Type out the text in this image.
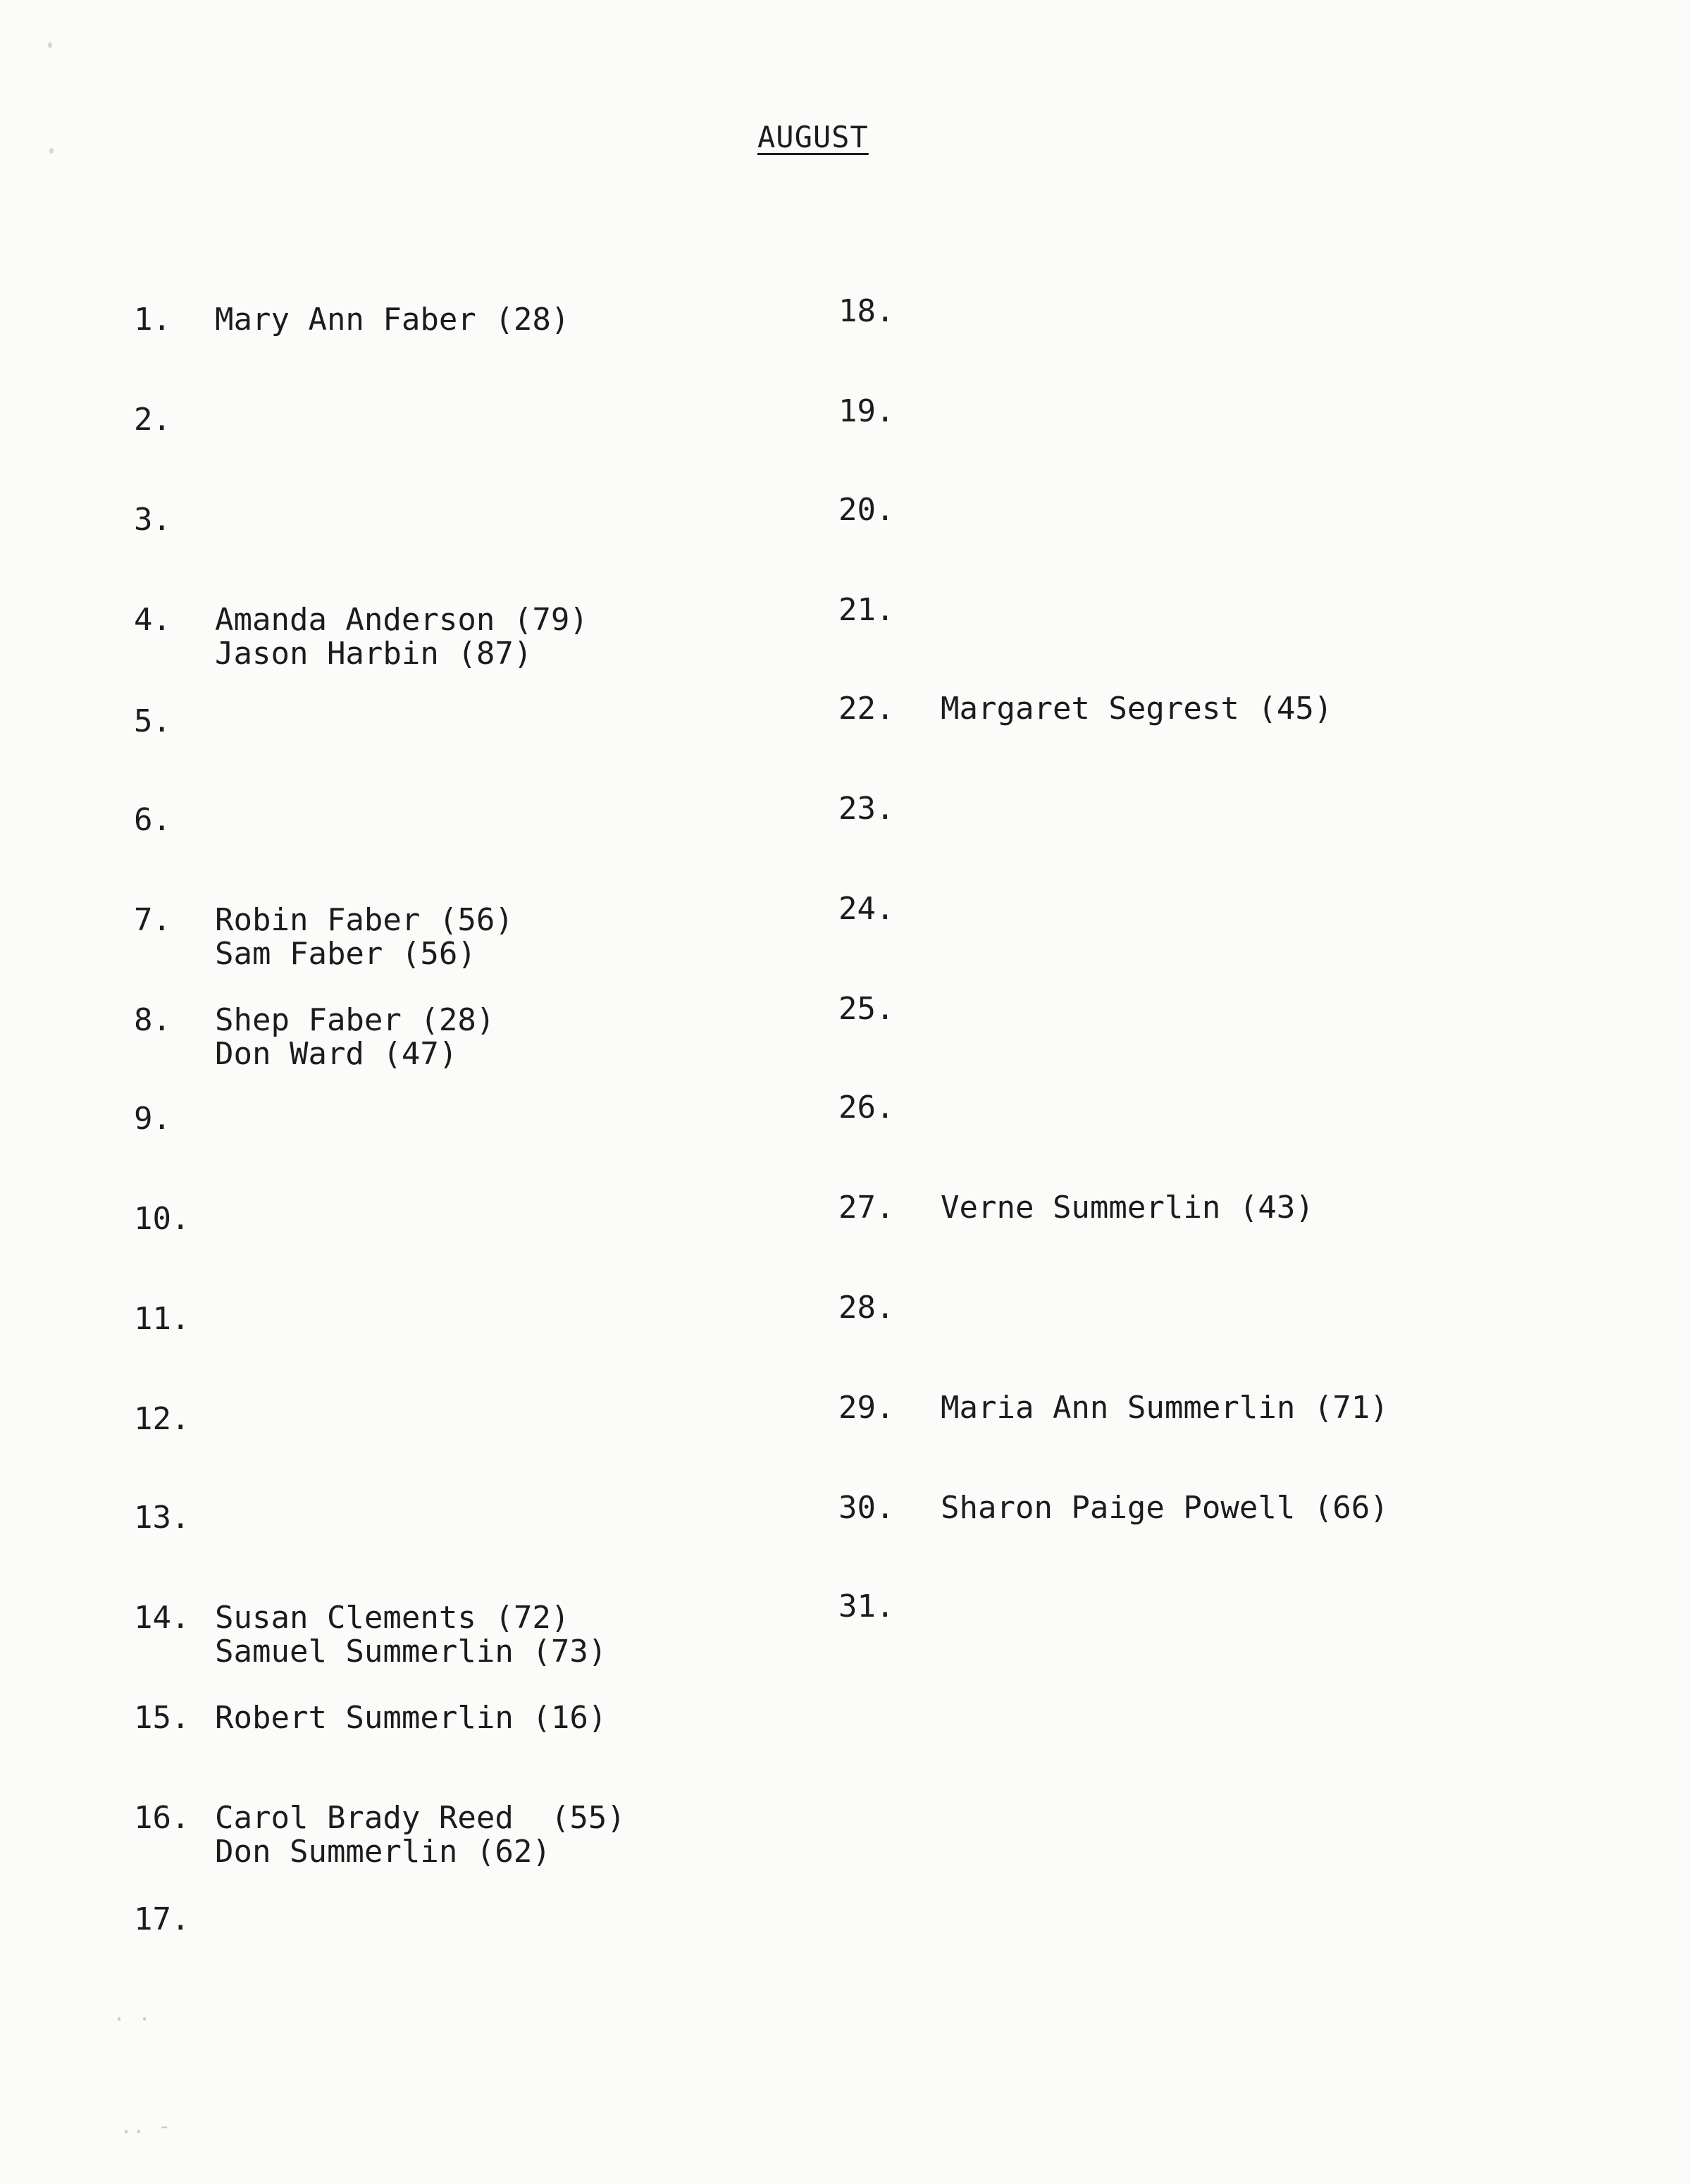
AUGUST
1. Mary Ann Faber (28)
2.
3.
4. Amanda Anderson (79)
Jason Harbin (87)
5.
6.
7. Robin Faber (56)
Sam Faber (56)
8. Shep Faber (28)
Don Ward (47)
9.
10.
11.
12.
13.
14. Susan Clements (72)
Samuel Summerlin (73)
15. Robert Summerlin (16)
16. Carol Brady Reed  (55)
Don Summerlin (62)
17.
18.
19.
20.
21.
22. Margaret Segrest (45)
23.
24.
25.
26.
27. Verne Summerlin (43)
28.
29. Maria Ann Summerlin (71)
30. Sharon Paige Powell (66)
31.
. .
.. -
